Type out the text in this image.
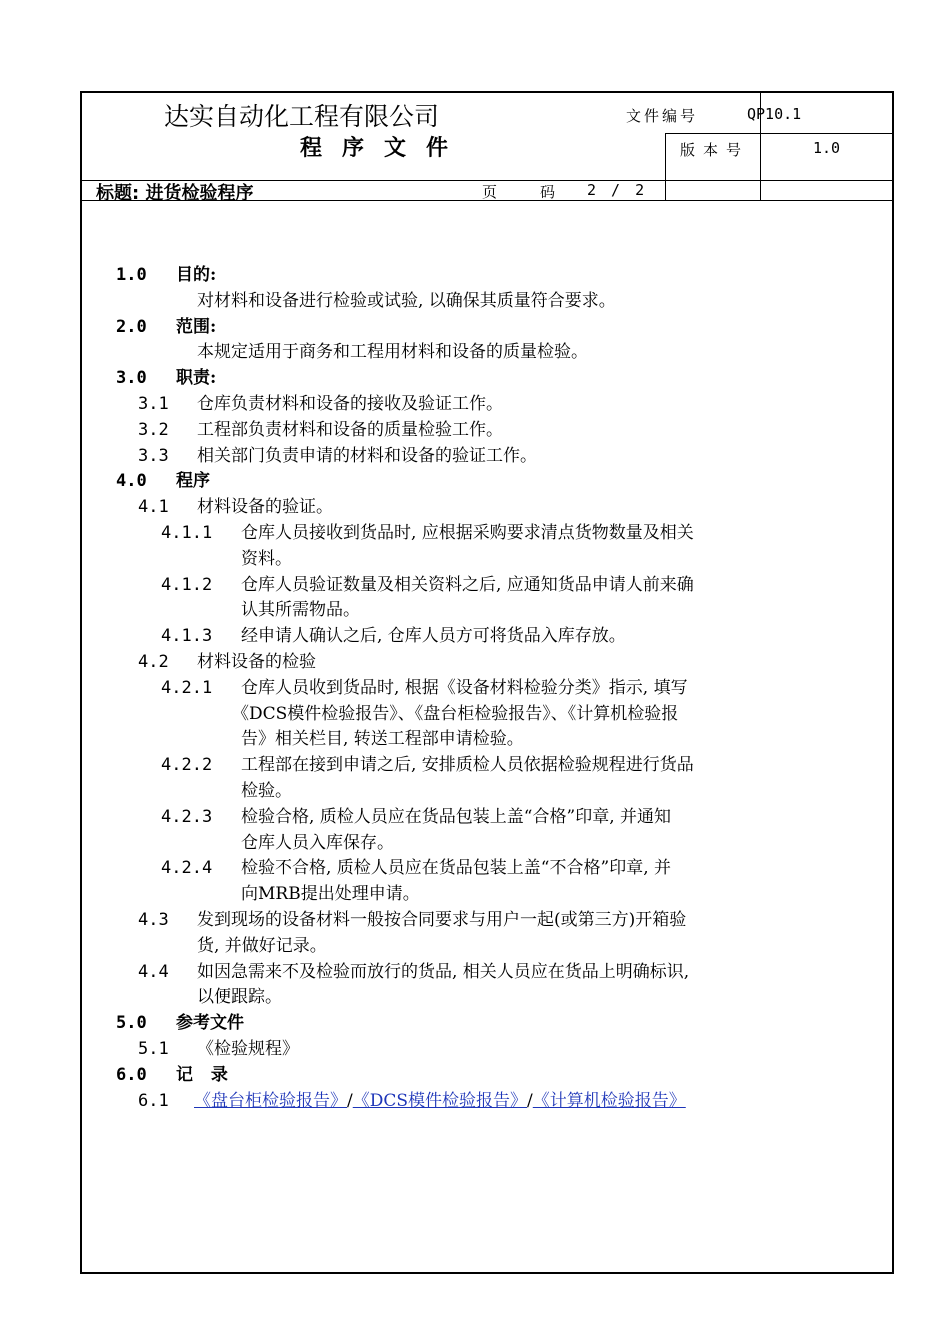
达实自动化工程有限公司
程序文件
文件编号	QP10.1
版本号	1.0
标题: 进货检验程序	页　码 2 / 2
1.0 目的:
对材料和设备进行检验或试验, 以确保其质量符合要求。
2.0 范围:
本规定适用于商务和工程用材料和设备的质量检验。
3.0 职责:
3.1 仓库负责材料和设备的接收及验证工作。
3.2 工程部负责材料和设备的质量检验工作。
3.3 相关部门负责申请的材料和设备的验证工作。
4.0 程序
4.1 材料设备的验证。
4.1.1 仓库人员接收到货品时, 应根据采购要求清点货物数量及相关
资料。
4.1.2 仓库人员验证数量及相关资料之后, 应通知货品申请人前来确
认其所需物品。
4.1.3 经申请人确认之后, 仓库人员方可将货品入库存放。
4.2 材料设备的检验
4.2.1 仓库人员收到货品时, 根据《设备材料检验分类》指示, 填写
《DCS模件检验报告》、《盘台柜检验报告》、《计算机检验报
告》相关栏目, 转送工程部申请检验。
4.2.2 工程部在接到申请之后, 安排质检人员依据检验规程进行货品
检验。
4.2.3 检验合格, 质检人员应在货品包装上盖“合格”印章, 并通知
仓库人员入库保存。
4.2.4 检验不合格, 质检人员应在货品包装上盖“不合格”印章, 并
向MRB提出处理申请。
4.3 发到现场的设备材料一般按合同要求与用户一起(或第三方)开箱验
货, 并做好记录。
4.4 如因急需来不及检验而放行的货品, 相关人员应在货品上明确标识,
以便跟踪。
5.0 参考文件
5.1 《检验规程》
6.0 记 录
6.1 《盘台柜检验报告》/《DCS模件检验报告》/《计算机检验报告》
